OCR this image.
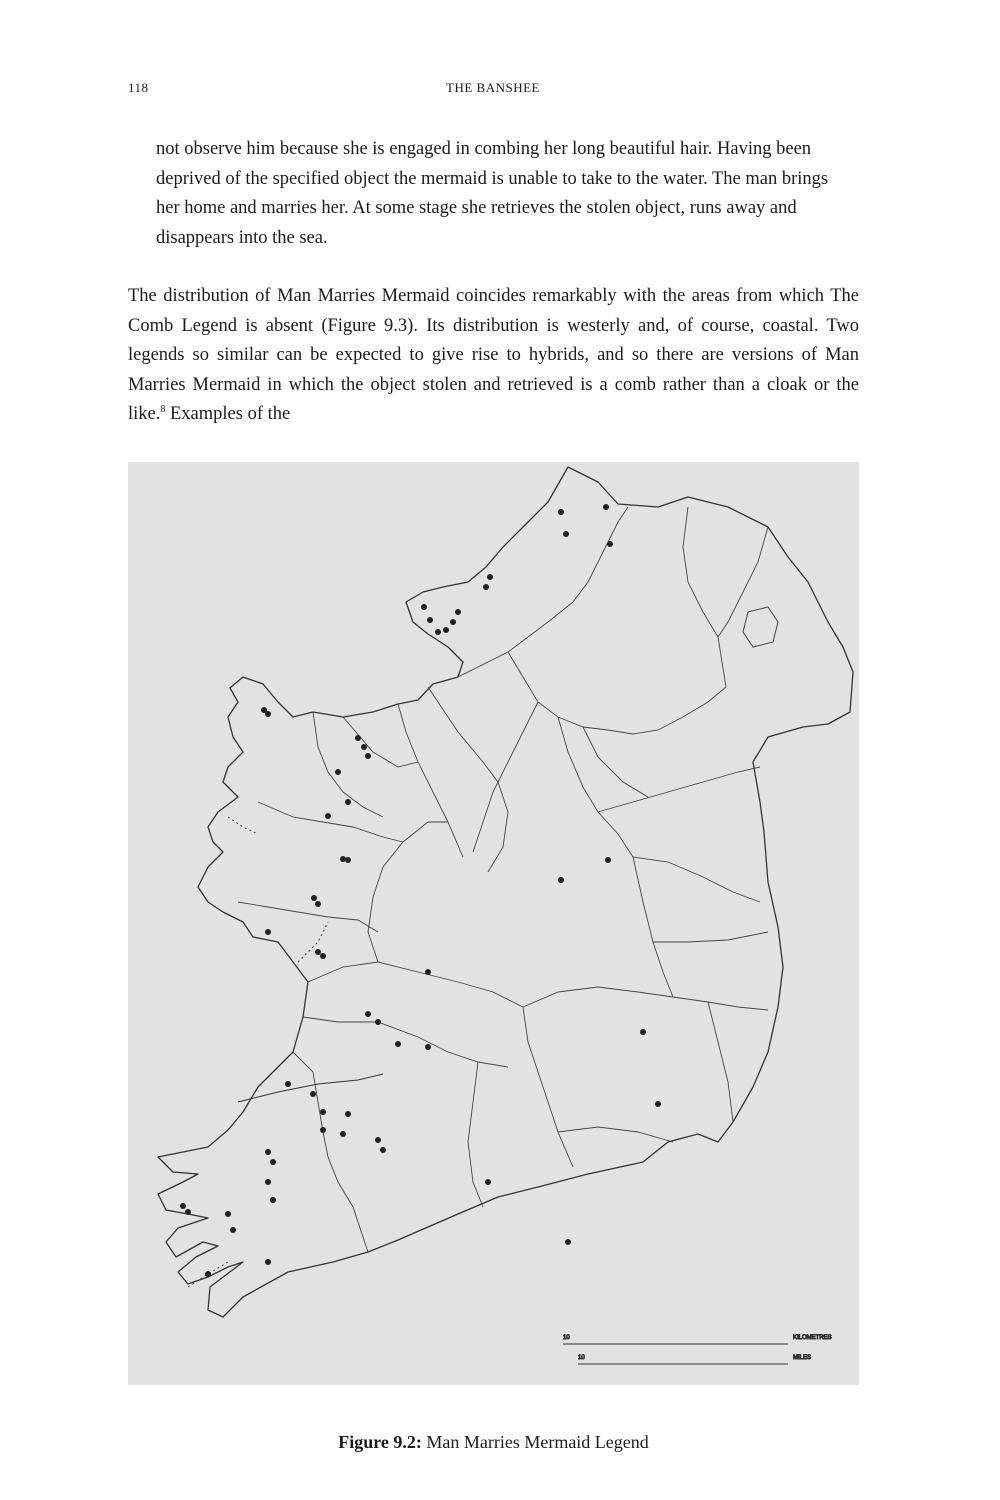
118	THE BANSHEE

not observe him because she is engaged in combing her long beautiful hair. Having been deprived of the specified object the mermaid is unable to take to the water. The man brings her home and marries her. At some stage she retrieves the stolen object, runs away and disappears into the sea.

The distribution of Man Marries Mermaid coincides remarkably with the areas from which The Comb Legend is absent (Figure 9.3). Its distribution is westerly and, of course, coastal. Two legends so similar can be expected to give rise to hybrids, and so there are versions of Man Marries Mermaid in which the object stolen and retrieved is a comb rather than a cloak or the like.$^8$ Examples of the

10	KILOMETRES
10	MILES
Figure 9.2: Man Marries Mermaid Legend
